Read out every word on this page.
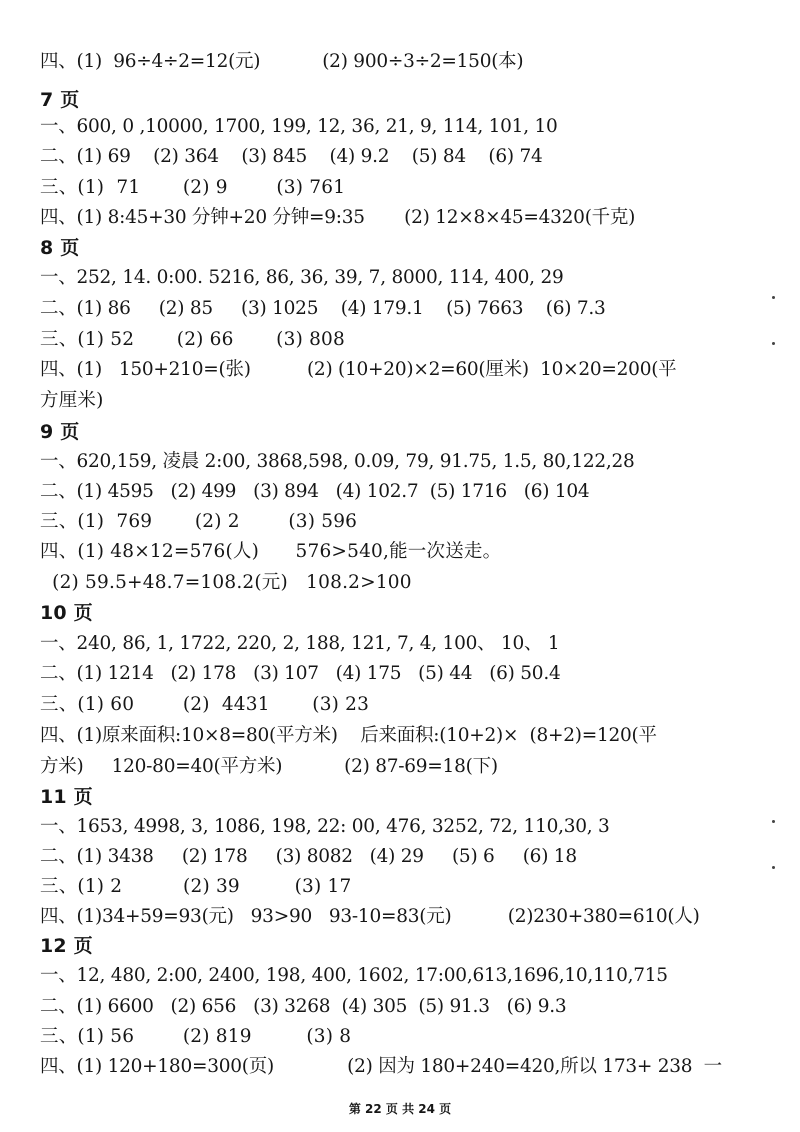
四、(1)  96÷4÷2=12(元)           (2) 900÷3÷2=150(本)
7 页
一、600, 0 ,10000, 1700, 199, 12, 36, 21, 9, 114, 101, 10
二、(1) 69    (2) 364    (3) 845    (4) 9.2    (5) 84    (6) 74
三、(1)  71       (2) 9        (3) 761
四、(1) 8:45+30 分钟+20 分钟=9:35       (2) 12×8×45=4320(千克)
8 页
一、252, 14. 0:00. 5216, 86, 36, 39, 7, 8000, 114, 400, 29
二、(1) 86     (2) 85     (3) 1025    (4) 179.1    (5) 7663    (6) 7.3
三、(1) 52       (2) 66       (3) 808
四、(1)   150+210=(张)          (2) (10+20)×2=60(厘米)  10×20=200(平
方厘米)
9 页
一、620,159, 凌晨 2:00, 3868,598, 0.09, 79, 91.75, 1.5, 80,122,28
二、(1) 4595   (2) 499   (3) 894   (4) 102.7  (5) 1716   (6) 104
三、(1)  769       (2) 2        (3) 596
四、(1) 48×12=576(人)      576>540,能一次送走。
(2) 59.5+48.7=108.2(元)   108.2>100
10 页
一、240, 86, 1, 1722, 220, 2, 188, 121, 7, 4, 100、 10、 1
二、(1) 1214   (2) 178   (3) 107   (4) 175   (5) 44   (6) 50.4
三、(1) 60        (2)  4431       (3) 23
四、(1)原来面积:10×8=80(平方米)    后来面积:(10+2)×  (8+2)=120(平
方米)     120-80=40(平方米)           (2) 87-69=18(下)
11 页
一、1653, 4998, 3, 1086, 198, 22: 00, 476, 3252, 72, 110,30, 3
二、(1) 3438     (2) 178     (3) 8082   (4) 29     (5) 6     (6) 18
三、(1) 2          (2) 39         (3) 17
四、(1)34+59=93(元)   93>90   93-10=83(元)          (2)230+380=610(人)
12 页
一、12, 480, 2:00, 2400, 198, 400, 1602, 17:00,613,1696,10,110,715
二、(1) 6600   (2) 656   (3) 3268  (4) 305  (5) 91.3   (6) 9.3
三、(1) 56        (2) 819         (3) 8
四、(1) 120+180=300(页)             (2) 因为 180+240=420,所以 173+ 238  一
第 22 页 共 24 页
